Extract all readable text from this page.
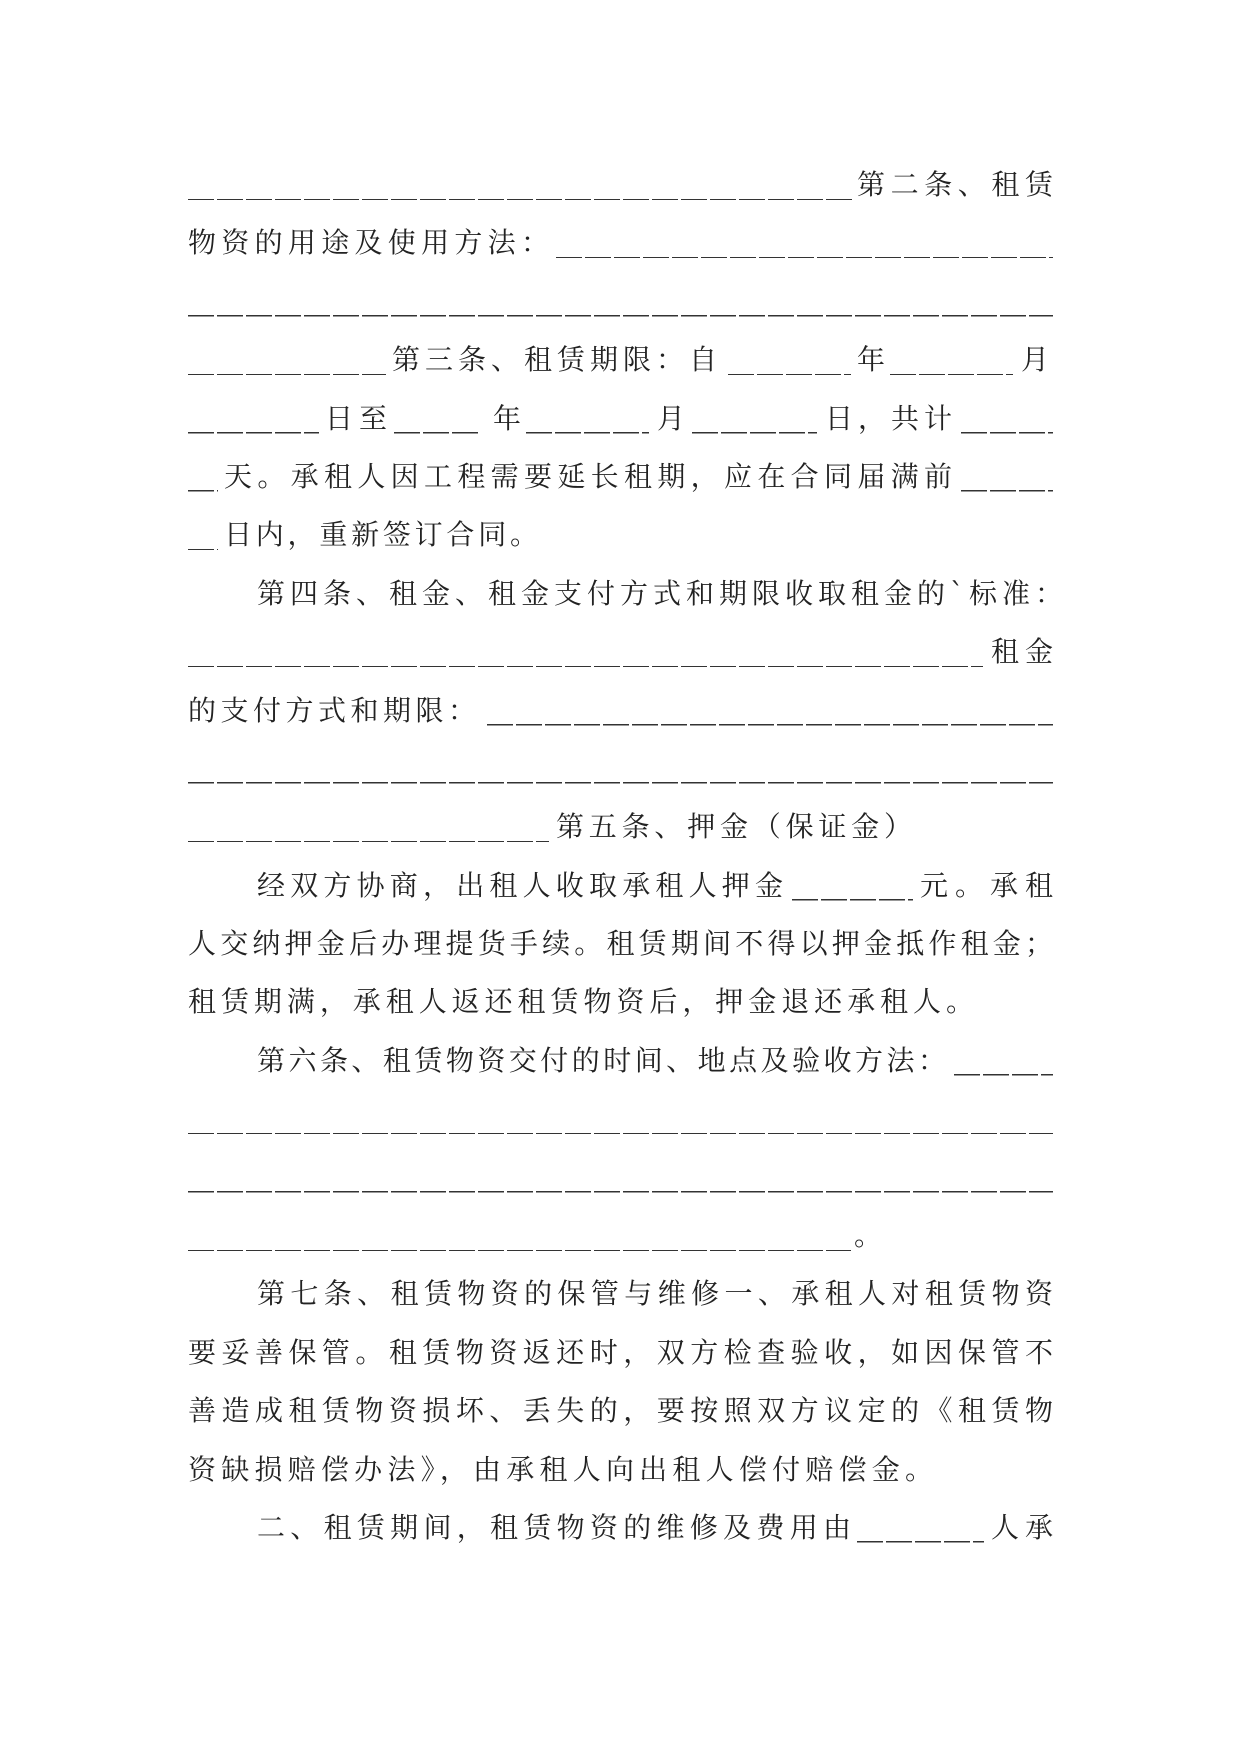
第二条、租赁
物资的用途及使用方法：
第三条、租赁期限：自	年	月
日至	年	月	日，共计
天。承租人因工程需要延长租期，应在合同届满前
日内，重新签订合同。
第四条、租金、租金支付方式和期限收取租金的`标准：
租金
的支付方式和期限：
第五条、押金（保证金）
经双方协商，出租人收取承租人押金	元。承租
人交纳押金后办理提货手续。租赁期间不得以押金抵作租金；
租赁期满，承租人返还租赁物资后，押金退还承租人。
第六条、租赁物资交付的时间、地点及验收方法：
。
第七条、租赁物资的保管与维修一、承租人对租赁物资
要妥善保管。租赁物资返还时，双方检查验收，如因保管不
善造成租赁物资损坏、丢失的，要按照双方议定的《租赁物
资缺损赔偿办法》，由承租人向出租人偿付赔偿金。
二、租赁期间，租赁物资的维修及费用由	人承
